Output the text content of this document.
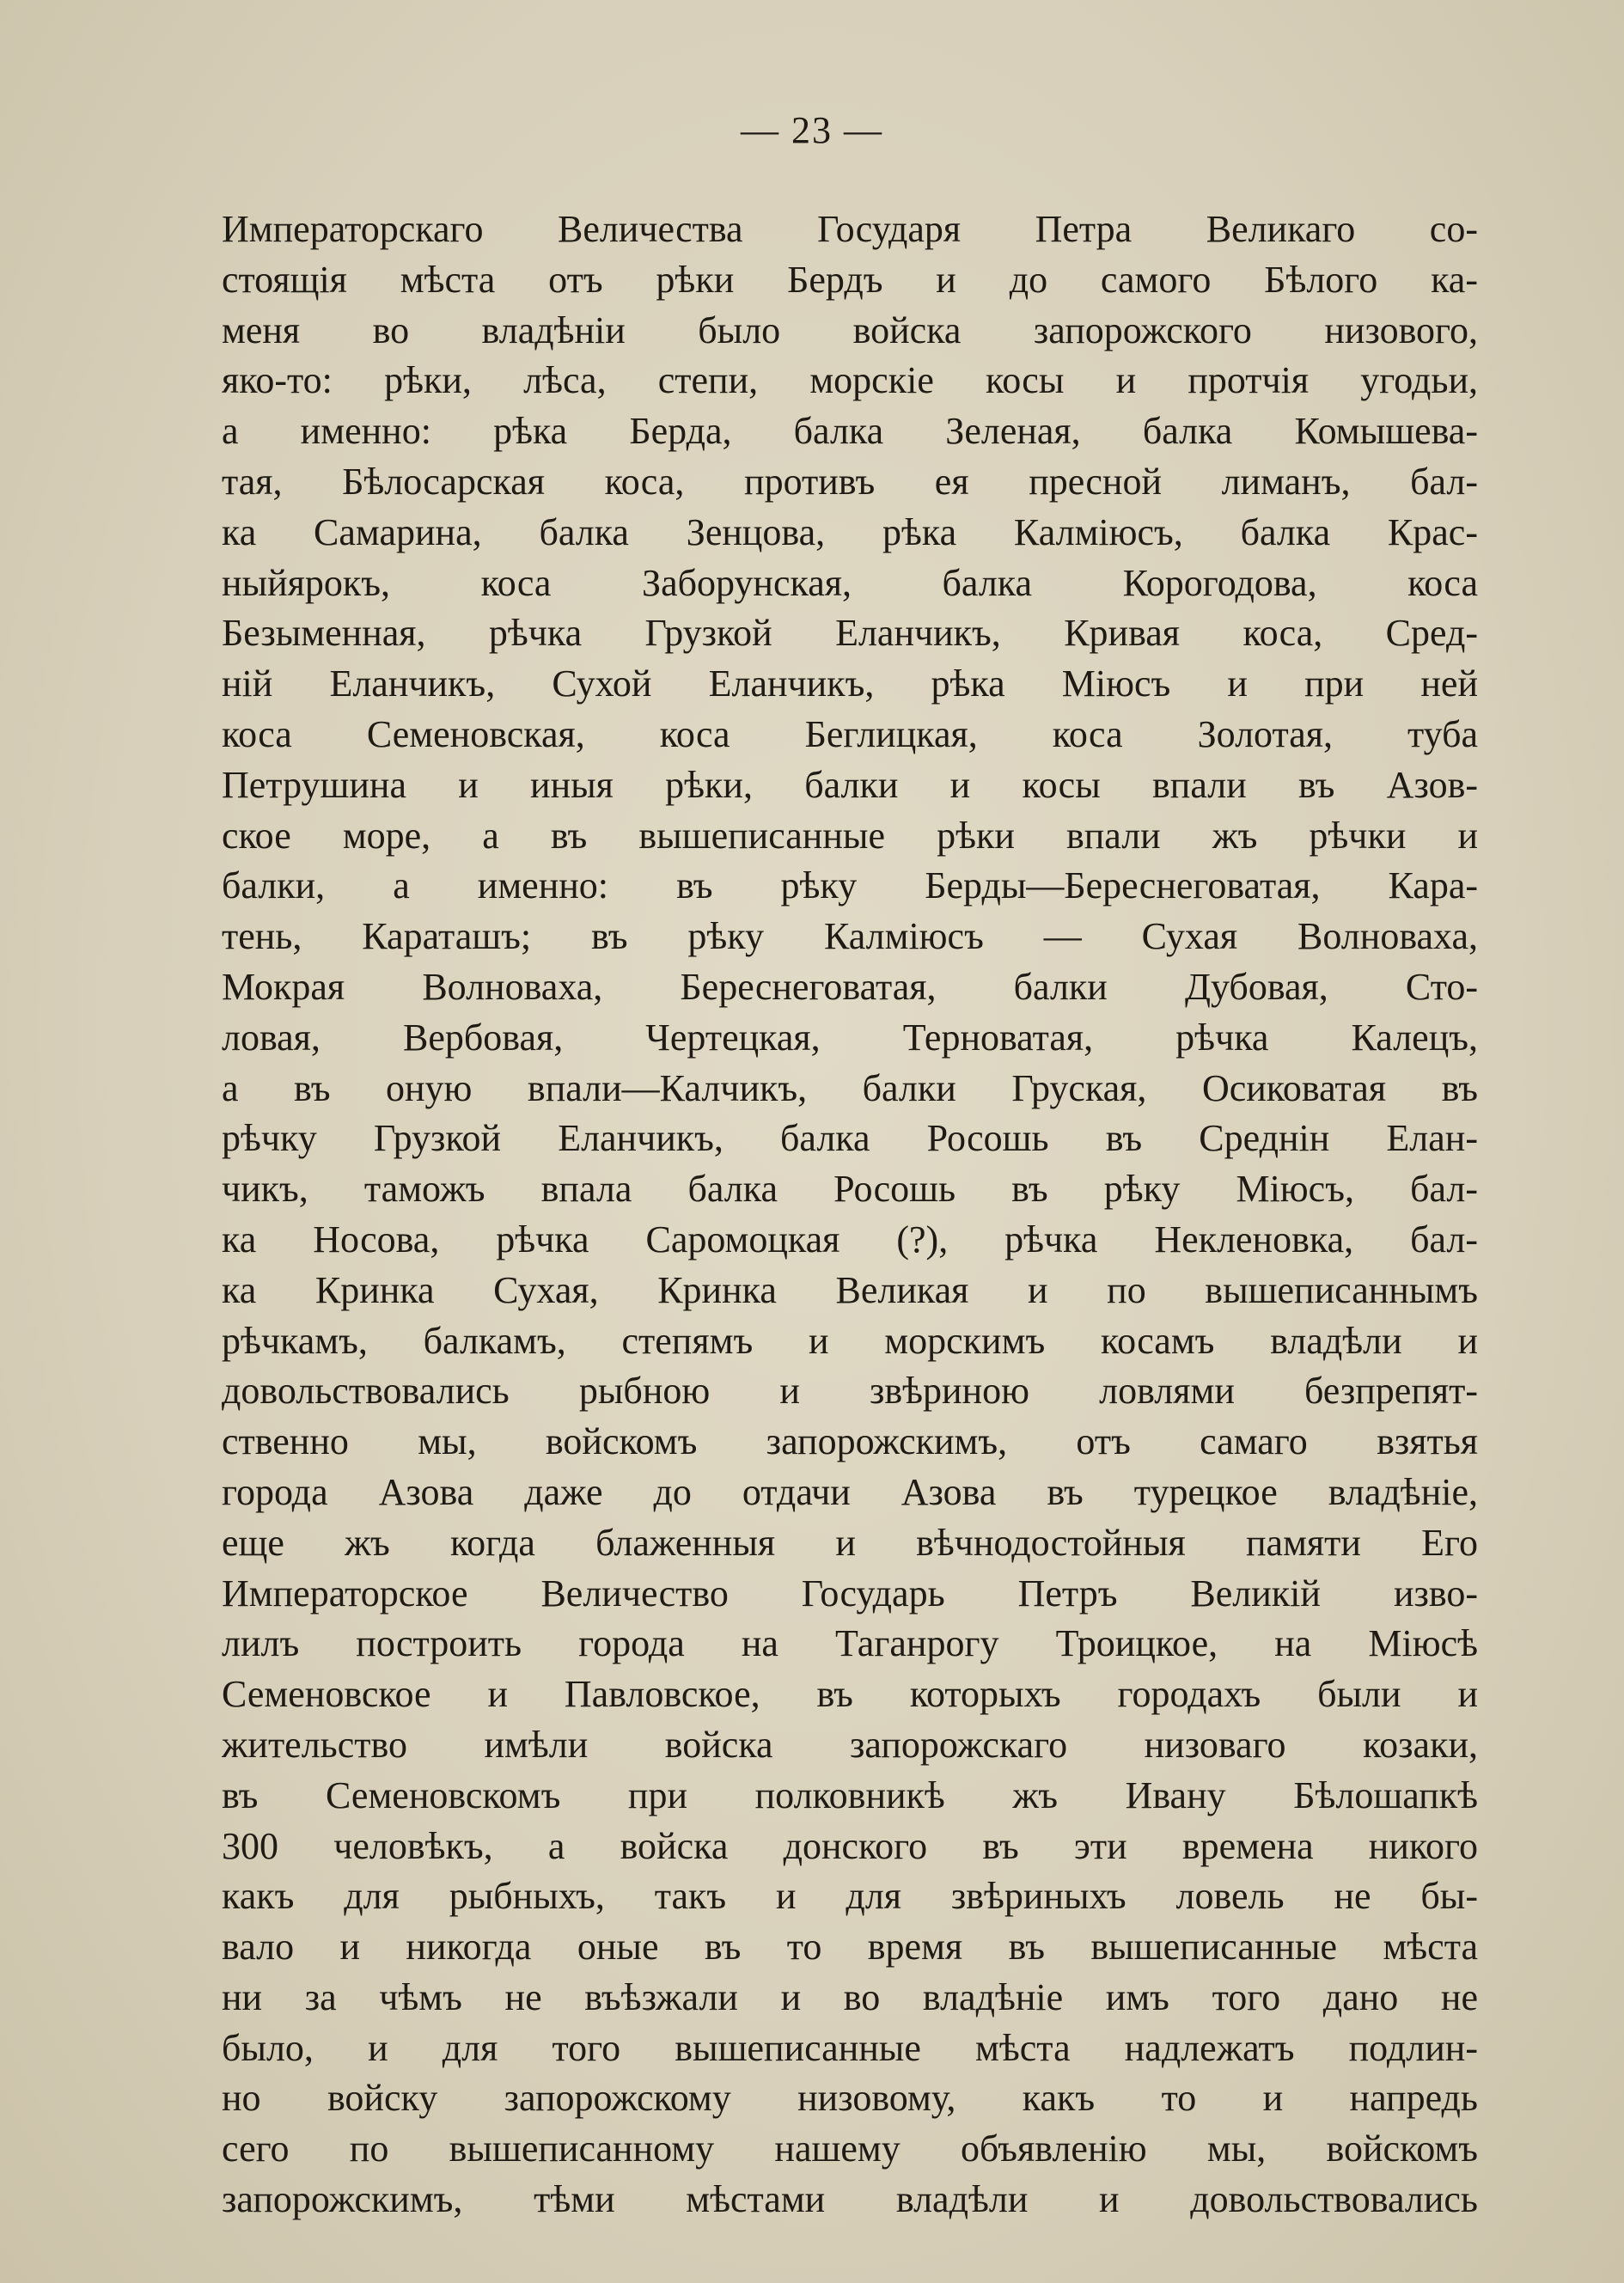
— 23 —
Императорскаго Величества Государя Петра Великаго со-
стоящія мѣста отъ рѣки Бердъ и до самого Бѣлого ка-
меня во владѣніи было войска запорожского низового,
яко-то: рѣки, лѣса, степи, морскіе косы и протчія угодьи,
а именно: рѣка Берда, балка Зеленая, балка Комышева-
тая, Бѣлосарская коса, противъ ея пресной лиманъ, бал-
ка Самарина, балка Зенцова, рѣка Калміюсъ, балка Крас-
ныйярокъ, коса Заборунская, балка Корогодова, коса
Безыменная, рѣчка Грузкой Еланчикъ, Кривая коса, Сред-
ній Еланчикъ, Сухой Еланчикъ, рѣка Міюсъ и при ней
коса Семеновская, коса Беглицкая, коса Золотая, туба
Петрушина и иныя рѣки, балки и косы впали въ Азов-
ское море, а въ вышеписанные рѣки впали жъ рѣчки и
балки, а именно: въ рѣку Берды—Береснеговатая, Кара-
тень, Караташъ; въ рѣку Калміюсъ — Сухая Волноваха,
Мокрая Волноваха, Береснеговатая, балки Дубовая, Сто-
ловая, Вербовая, Чертецкая, Терноватая, рѣчка Калецъ,
а въ оную впали—Калчикъ, балки Груская, Осиковатая въ
рѣчку Грузкой Еланчикъ, балка Росошь въ Среднін Елан-
чикъ, таможъ впала балка Росошь въ рѣку Міюсъ, бал-
ка Носова, рѣчка Саромоцкая (?), рѣчка Некленовка, бал-
ка Кринка Сухая, Кринка Великая и по вышеписаннымъ
рѣчкамъ, балкамъ, степямъ и морскимъ косамъ владѣли и
довольствовались рыбною и звѣриною ловлями безпрепят-
ственно мы, войскомъ запорожскимъ, отъ самаго взятья
города Азова даже до отдачи Азова въ турецкое владѣніе,
еще жъ когда блаженныя и вѣчнодостойныя памяти Его
Императорское Величество Государь Петръ Великій изво-
лилъ построить города на Таганрогу Троицкое, на Міюсѣ
Семеновское и Павловское, въ которыхъ городахъ были и
жительство имѣли войска запорожскаго низоваго козаки,
въ Семеновскомъ при полковникѣ жъ Ивану Бѣлошапкѣ
300 человѣкъ, а войска донского въ эти времена никого
какъ для рыбныхъ, такъ и для звѣриныхъ ловель не бы-
вало и никогда оные въ то время въ вышеписанные мѣста
ни за чѣмъ не въѣзжали и во владѣніе имъ того дано не
было, и для того вышеписанные мѣста надлежатъ подлин-
но войску запорожскому низовому, какъ то и напредь
сего по вышеписанному нашему объявленію мы, войскомъ
запорожскимъ, тѣми мѣстами владѣли и довольствовались
